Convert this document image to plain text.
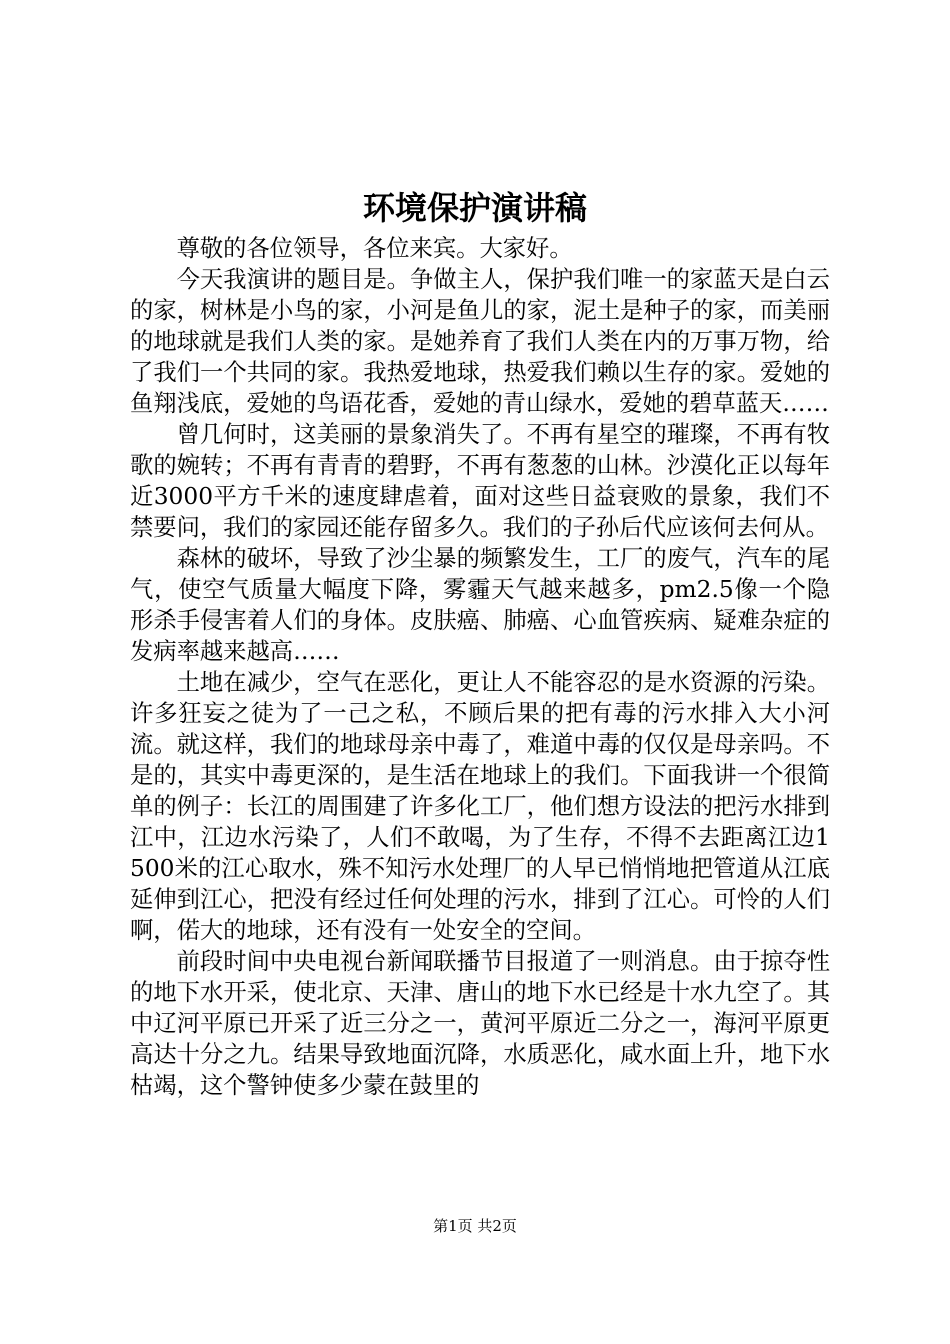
环境保护演讲稿

尊敬的各位领导，各位来宾。大家好。

今天我演讲的题目是。争做主人，保护我们唯一的家蓝天是白云的家，树林是小鸟的家，小河是鱼儿的家，泥土是种子的家，而美丽的地球就是我们人类的家。是她养育了我们人类在内的万事万物，给了我们一个共同的家。我热爱地球，热爱我们赖以生存的家。爱她的鱼翔浅底，爱她的鸟语花香，爱她的青山绿水，爱她的碧草蓝天……

曾几何时，这美丽的景象消失了。不再有星空的璀璨，不再有牧歌的婉转；不再有青青的碧野，不再有葱葱的山林。沙漠化正以每年近3000平方千米的速度肆虐着，面对这些日益衰败的景象，我们不禁要问，我们的家园还能存留多久。我们的子孙后代应该何去何从。

森林的破坏，导致了沙尘暴的频繁发生，工厂的废气，汽车的尾气，使空气质量大幅度下降，雾霾天气越来越多，pm2.5像一个隐形杀手侵害着人们的身体。皮肤癌、肺癌、心血管疾病、疑难杂症的发病率越来越高……

土地在减少，空气在恶化，更让人不能容忍的是水资源的污染。许多狂妄之徒为了一己之私，不顾后果的把有毒的污水排入大小河流。就这样，我们的地球母亲中毒了，难道中毒的仅仅是母亲吗。不是的，其实中毒更深的，是生活在地球上的我们。下面我讲一个很简单的例子：长江的周围建了许多化工厂，他们想方设法的把污水排到江中，江边水污染了，人们不敢喝，为了生存，不得不去距离江边1500米的江心取水，殊不知污水处理厂的人早已悄悄地把管道从江底延伸到江心，把没有经过任何处理的污水，排到了江心。可怜的人们啊，偌大的地球，还有没有一处安全的空间。

前段时间中央电视台新闻联播节目报道了一则消息。由于掠夺性的地下水开采，使北京、天津、唐山的地下水已经是十水九空了。其中辽河平原已开采了近三分之一，黄河平原近二分之一，海河平原更高达十分之九。结果导致地面沉降，水质恶化，咸水面上升，地下水枯竭，这个警钟使多少蒙在鼓里的

第1页 共2页
